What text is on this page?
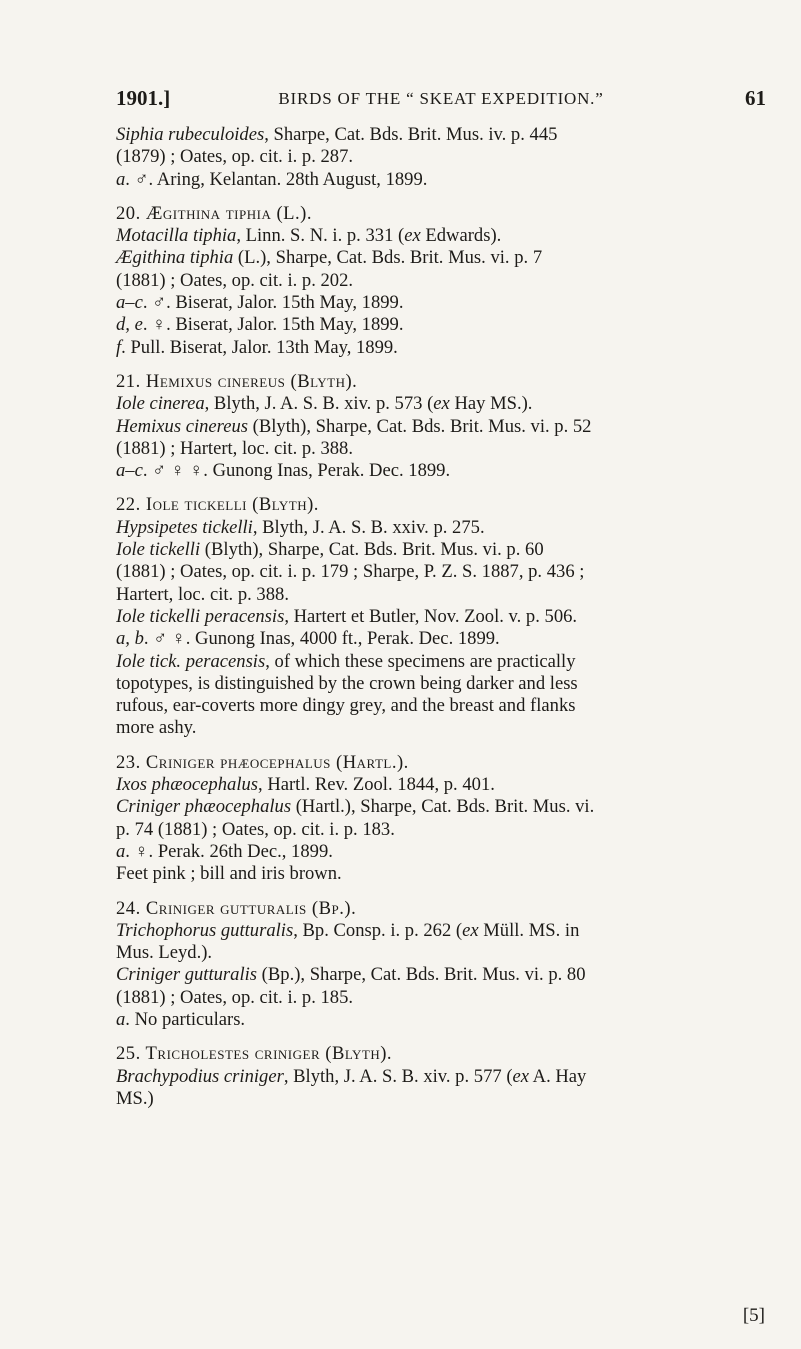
1901.]	BIRDS OF THE “ SKEAT EXPEDITION.”	61

Siphia rubeculoides, Sharpe, Cat. Bds. Brit. Mus. iv. p. 445

(1879) ; Oates, op. cit. i. p. 287.

a. ♂. Aring, Kelantan. 28th August, 1899.

20. Ægithina tiphia (L.).

Motacilla tiphia, Linn. S. N. i. p. 331 (ex Edwards).

Ægithina tiphia (L.), Sharpe, Cat. Bds. Brit. Mus. vi. p. 7

(1881) ; Oates, op. cit. i. p. 202.

a–c. ♂. Biserat, Jalor. 15th May, 1899.

d, e. ♀. Biserat, Jalor. 15th May, 1899.

f. Pull. Biserat, Jalor. 13th May, 1899.

21. Hemixus cinereus (Blyth).

Iole cinerea, Blyth, J. A. S. B. xiv. p. 573 (ex Hay MS.).

Hemixus cinereus (Blyth), Sharpe, Cat. Bds. Brit. Mus. vi. p. 52

(1881) ; Hartert, loc. cit. p. 388.

a–c. ♂ ♀ ♀. Gunong Inas, Perak. Dec. 1899.

22. Iole tickelli (Blyth).

Hypsipetes tickelli, Blyth, J. A. S. B. xxiv. p. 275.

Iole tickelli (Blyth), Sharpe, Cat. Bds. Brit. Mus. vi. p. 60

(1881) ; Oates, op. cit. i. p. 179 ; Sharpe, P. Z. S. 1887, p. 436 ;

Hartert, loc. cit. p. 388.

Iole tickelli peracensis, Hartert et Butler, Nov. Zool. v. p. 506.

a, b. ♂ ♀. Gunong Inas, 4000 ft., Perak. Dec. 1899.

Iole tick. peracensis, of which these specimens are practically

topotypes, is distinguished by the crown being darker and less

rufous, ear-coverts more dingy grey, and the breast and flanks

more ashy.

23. Criniger phæocephalus (Hartl.).

Ixos phæocephalus, Hartl. Rev. Zool. 1844, p. 401.

Criniger phæocephalus (Hartl.), Sharpe, Cat. Bds. Brit. Mus. vi.

p. 74 (1881) ; Oates, op. cit. i. p. 183.

a. ♀. Perak. 26th Dec., 1899.

Feet pink ; bill and iris brown.

24. Criniger gutturalis (Bp.).

Trichophorus gutturalis, Bp. Consp. i. p. 262 (ex Müll. MS. in

Mus. Leyd.).

Criniger gutturalis (Bp.), Sharpe, Cat. Bds. Brit. Mus. vi. p. 80

(1881) ; Oates, op. cit. i. p. 185.

a. No particulars.

25. Tricholestes criniger (Blyth).

Brachypodius criniger, Blyth, J. A. S. B. xiv. p. 577 (ex A. Hay

MS.)

[5]
